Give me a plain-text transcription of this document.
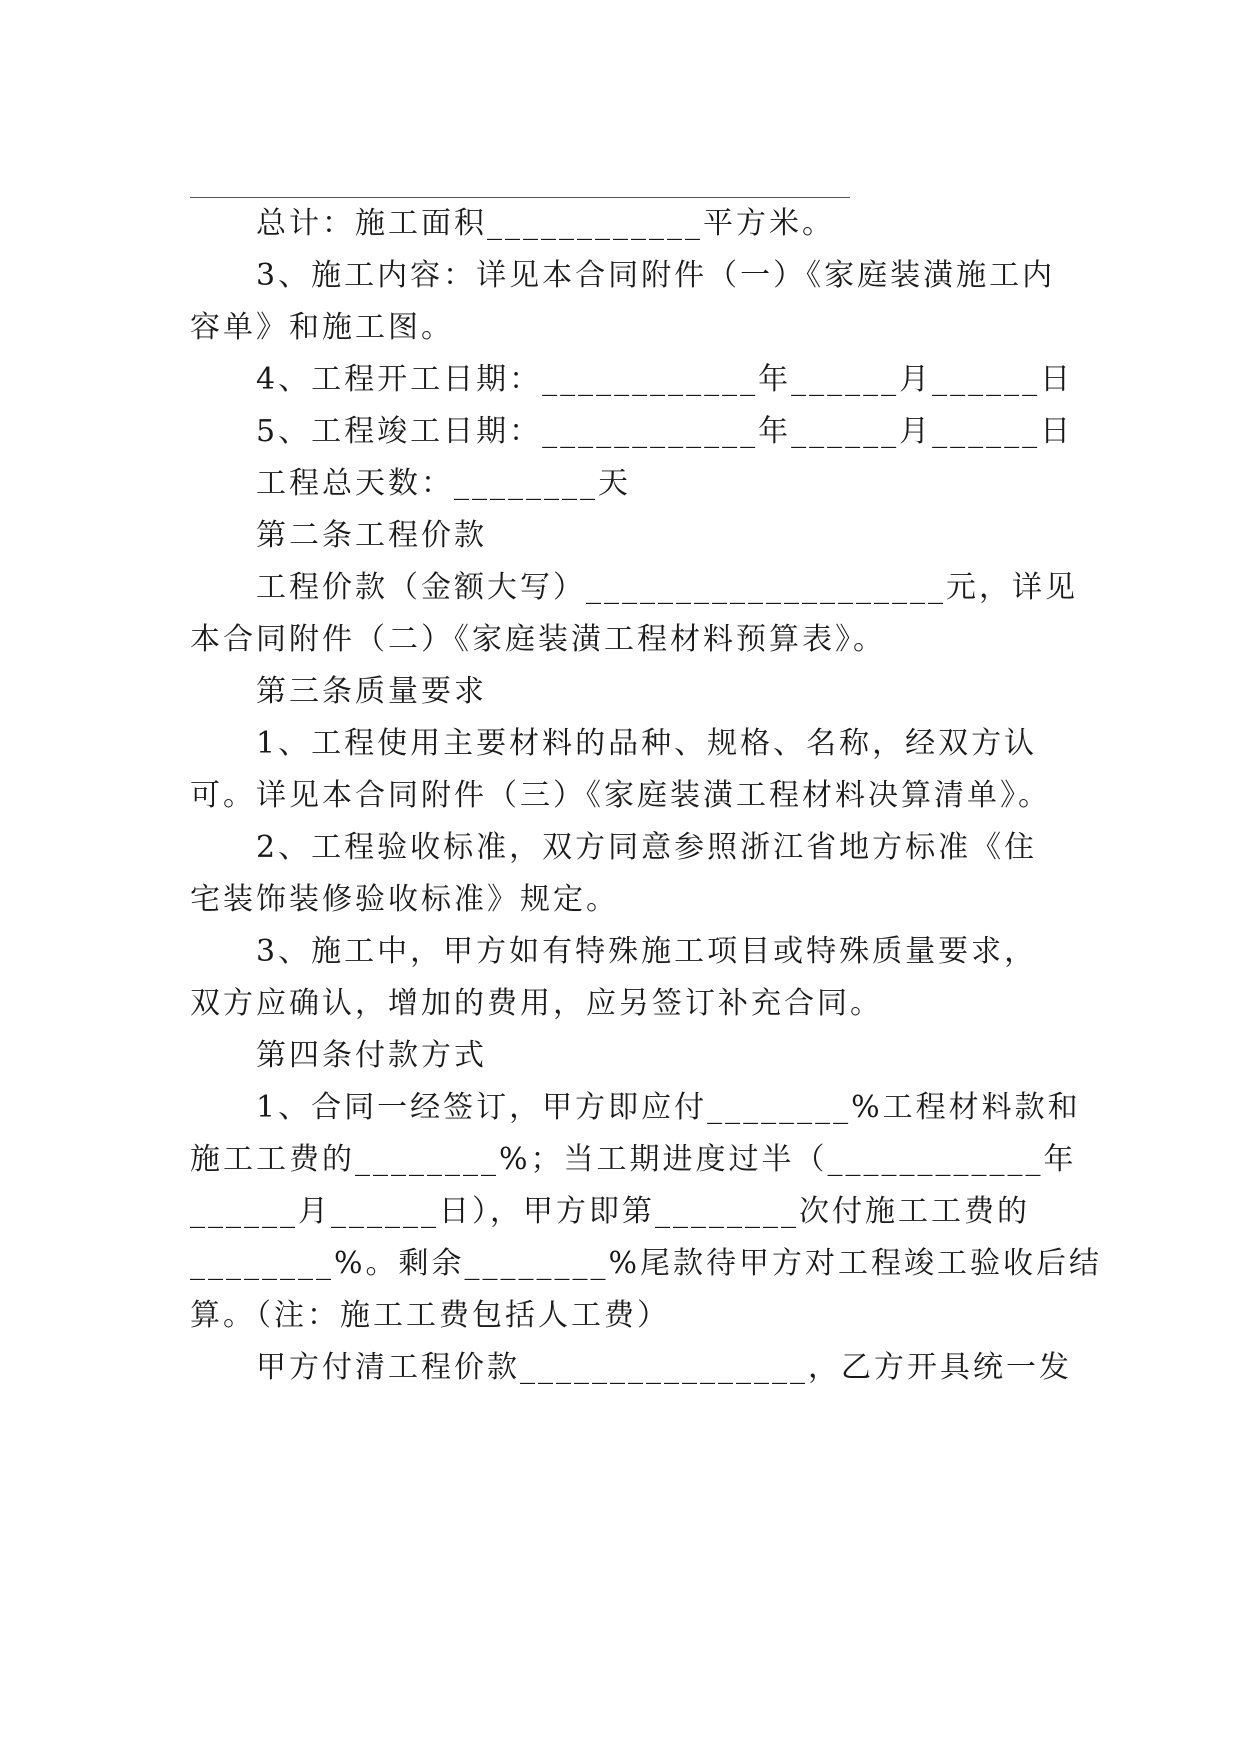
总计：施工面积____________平方米。
3、施工内容：详见本合同附件（一）《家庭装潢施工内
容单》和施工图。
4、工程开工日期：____________年______月______日
5、工程竣工日期：____________年______月______日
工程总天数：________天
第二条工程价款
工程价款（金额大写）____________________元，详见
本合同附件（二）《家庭装潢工程材料预算表》。
第三条质量要求
1、工程使用主要材料的品种、规格、名称，经双方认
可。详见本合同附件（三）《家庭装潢工程材料决算清单》。
2、工程验收标准，双方同意参照浙江省地方标准《住
宅装饰装修验收标准》规定。
3、施工中，甲方如有特殊施工项目或特殊质量要求，
双方应确认，增加的费用，应另签订补充合同。
第四条付款方式
1、合同一经签订，甲方即应付________%工程材料款和
施工工费的________%；当工期进度过半（____________年
______月______日），甲方即第________次付施工工费的
________%。剩余________%尾款待甲方对工程竣工验收后结
算。（注：施工工费包括人工费）
甲方付清工程价款________________，乙方开具统一发
